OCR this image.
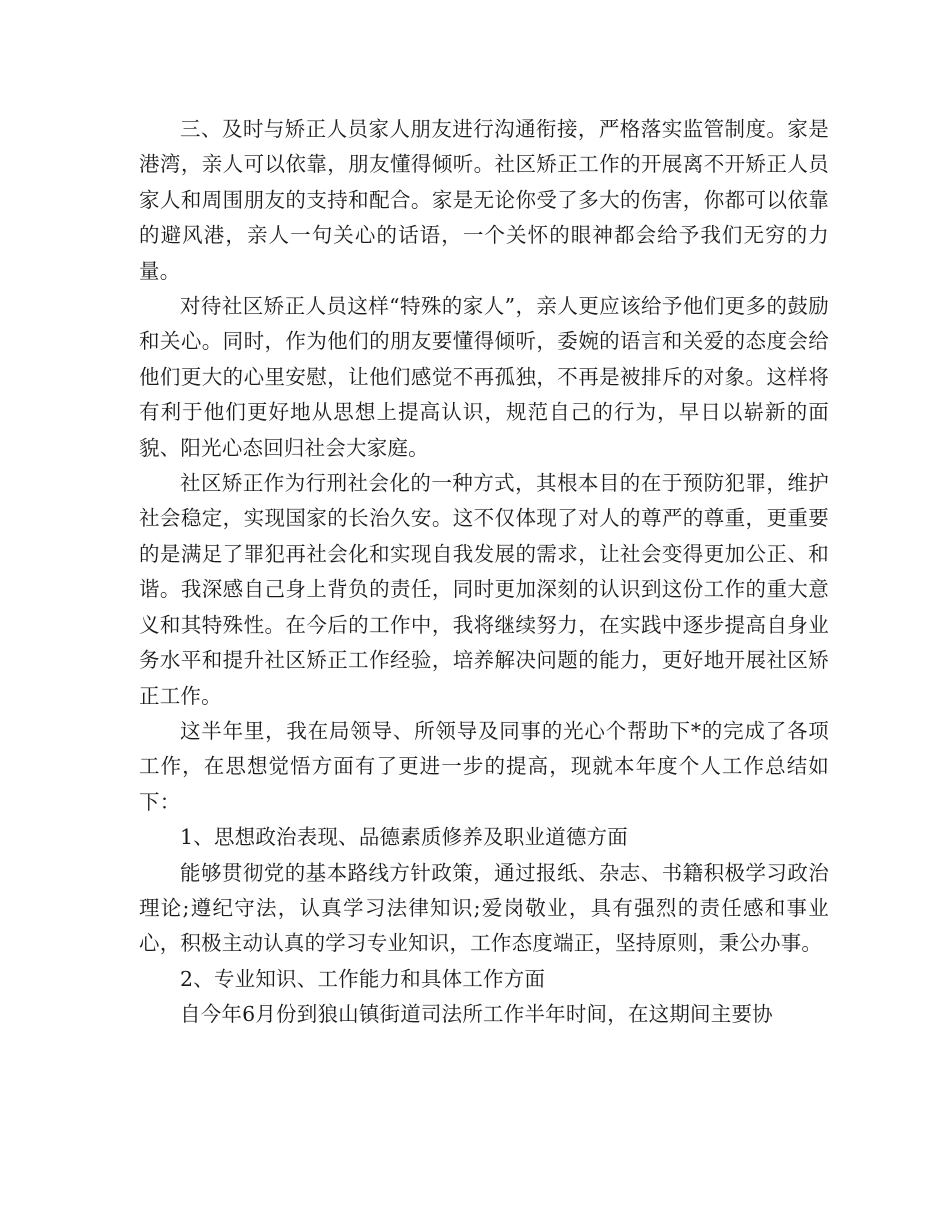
三、及时与矫正人员家人朋友进行沟通衔接，严格落实监管制度。家是港湾，亲人可以依靠，朋友懂得倾听。社区矫正工作的开展离不开矫正人员家人和周围朋友的支持和配合。家是无论你受了多大的伤害，你都可以依靠的避风港，亲人一句关心的话语，一个关怀的眼神都会给予我们无穷的力量。

对待社区矫正人员这样“特殊的家人”，亲人更应该给予他们更多的鼓励和关心。同时，作为他们的朋友要懂得倾听，委婉的语言和关爱的态度会给他们更大的心里安慰，让他们感觉不再孤独，不再是被排斥的对象。这样将有利于他们更好地从思想上提高认识，规范自己的行为，早日以崭新的面貌、阳光心态回归社会大家庭。

社区矫正作为行刑社会化的一种方式，其根本目的在于预防犯罪，维护社会稳定，实现国家的长治久安。这不仅体现了对人的尊严的尊重，更重要的是满足了罪犯再社会化和实现自我发展的需求，让社会变得更加公正、和谐。我深感自己身上背负的责任，同时更加深刻的认识到这份工作的重大意义和其特殊性。在今后的工作中，我将继续努力，在实践中逐步提高自身业务水平和提升社区矫正工作经验，培养解决问题的能力，更好地开展社区矫正工作。

这半年里，我在局领导、所领导及同事的光心个帮助下*的完成了各项工作，在思想觉悟方面有了更进一步的提高，现就本年度个人工作总结如下：

1、思想政治表现、品德素质修养及职业道德方面

能够贯彻党的基本路线方针政策，通过报纸、杂志、书籍积极学习政治理论;遵纪守法，认真学习法律知识;爱岗敬业，具有强烈的责任感和事业心，积极主动认真的学习专业知识，工作态度端正，坚持原则，秉公办事。

2、专业知识、工作能力和具体工作方面

自今年6月份到狼山镇街道司法所工作半年时间，在这期间主要协
